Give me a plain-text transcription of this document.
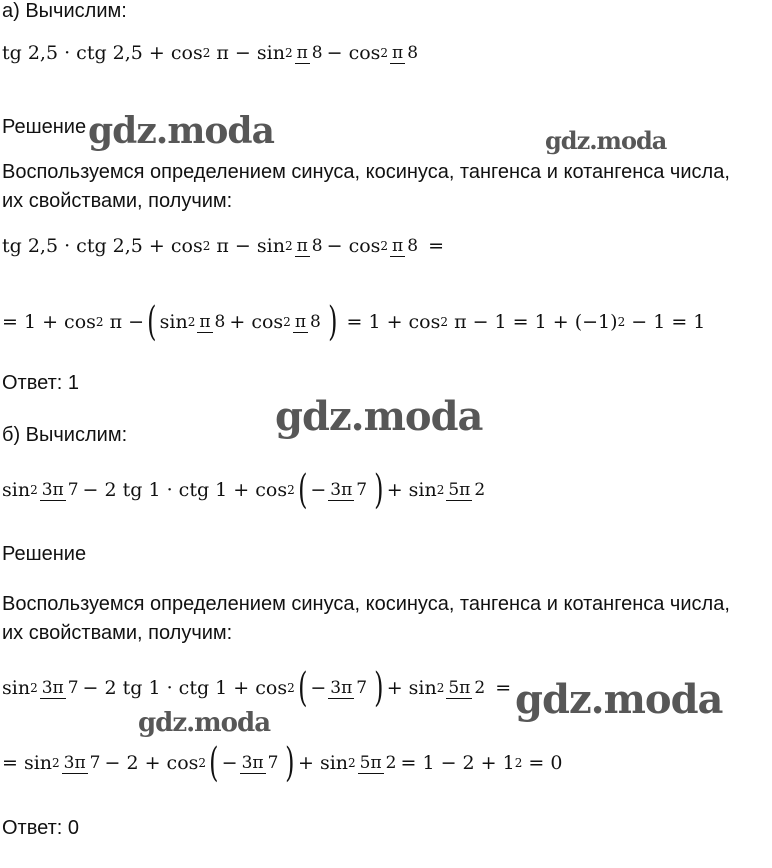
а) Вычислим:
tg 2,5 · ctg 2,5 + cos 2
π − sin 2 π 8 − cos 2 π 8
Решение
Воспользуемся определением синуса, косинуса, тангенса и котангенса числа,
их свойствами, получим:
tg 2,5 · ctg 2,5 + cos 2
π − sin 2 π 8 − cos 2 π 8
=
= 1 + cos 2
π − ( sin 2 π 8 + cos 2 π 8 )
= 1 + cos 2
π − 1 = 1 + (−1) 2
− 1 = 1
Ответ: 1
б) Вычислим:
sin 2 3π 7 − 2 tg 1 · ctg 1 + cos 2 ( − 3π 7 ) + sin 2 5π 2
Решение
Воспользуемся определением синуса, косинуса, тангенса и котангенса числа,
их свойствами, получим:
sin 2 3π 7 − 2 tg 1 · ctg 1 + cos 2 ( − 3π 7 ) + sin 2 5π 2
=
= sin 2 3π 7 − 2 + cos 2 ( − 3π 7 ) + sin 2 5π 2 = 1 − 2 + 1 2
= 0
Ответ: 0
gdz.moda	gdz.moda
gdz.moda
gdz.moda
gdz.moda
